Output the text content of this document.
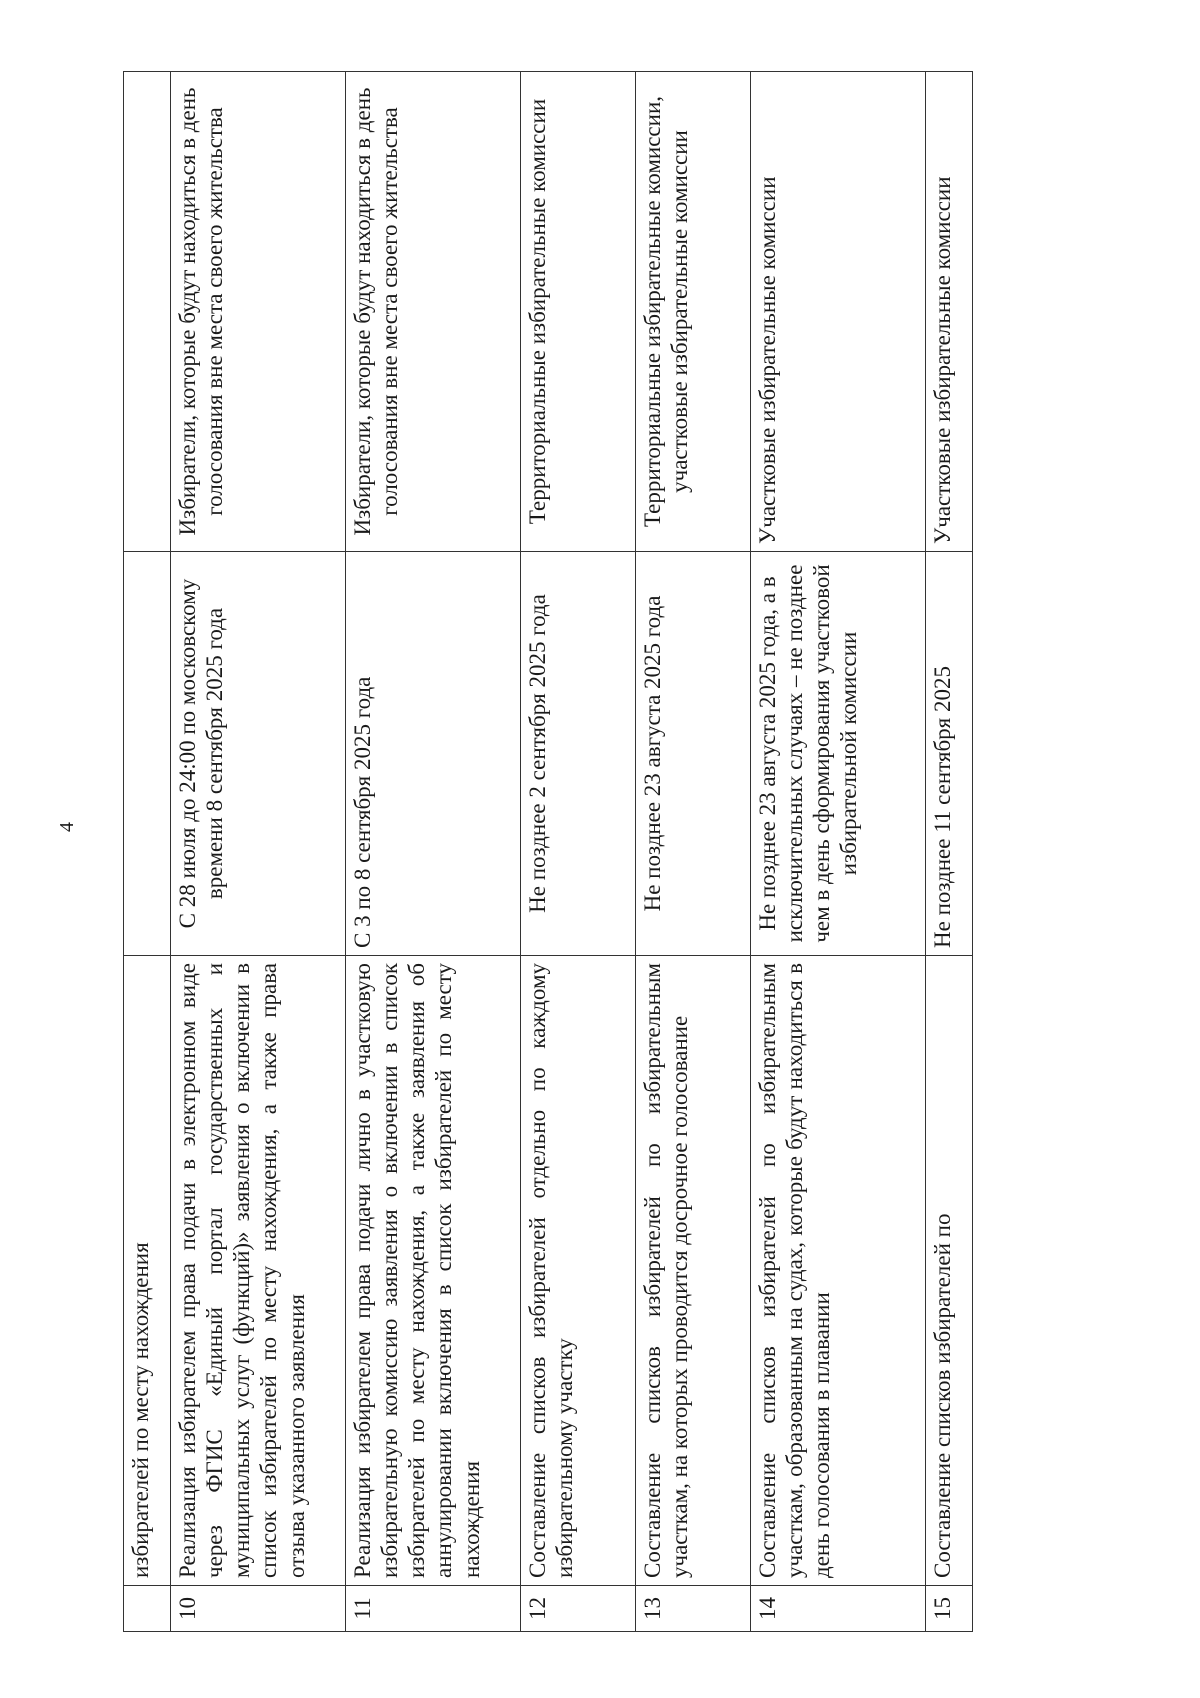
4
	избирателей по месту нахождения		
10	Реализация избирателем права подачи в электронном виде через ФГИС «Единый портал государственных и муниципальных услуг (функций)» заявления о включении в список избирателей по месту нахождения, а также права отзыва указанного заявления	С 28 июля до 24:00 по московскому времени 8 сентября 2025 года	Избиратели, которые будут находиться в день голосования вне места своего жительства
11	Реализация избирателем права подачи лично в участковую избирательную комиссию заявления о включении в список избирателей по месту нахождения, а также заявления об аннулировании включения в список избирателей по месту нахождения	С 3 по 8 сентября 2025 года	Избиратели, которые будут находиться в день голосования вне места своего жительства
12	Составление списков избирателей отдельно по каждому избирательному участку	Не позднее 2 сентября 2025 года	Территориальные избирательные комиссии
13	Составление списков избирателей по избирательным участкам, на которых проводится досрочное голосование	Не позднее 23 августа 2025 года	Территориальные избирательные комиссии, участковые избирательные комиссии
14	Составление списков избирателей по избирательным участкам, образованным на судах, которые будут находиться в день голосования в плавании	Не позднее 23 августа 2025 года, а в исключительных случаях – не позднее чем в день сформирования участковой избирательной комиссии	Участковые избирательные комиссии
15	Составление списков избирателей по	Не позднее 11 сентября 2025	Участковые избирательные комиссии
